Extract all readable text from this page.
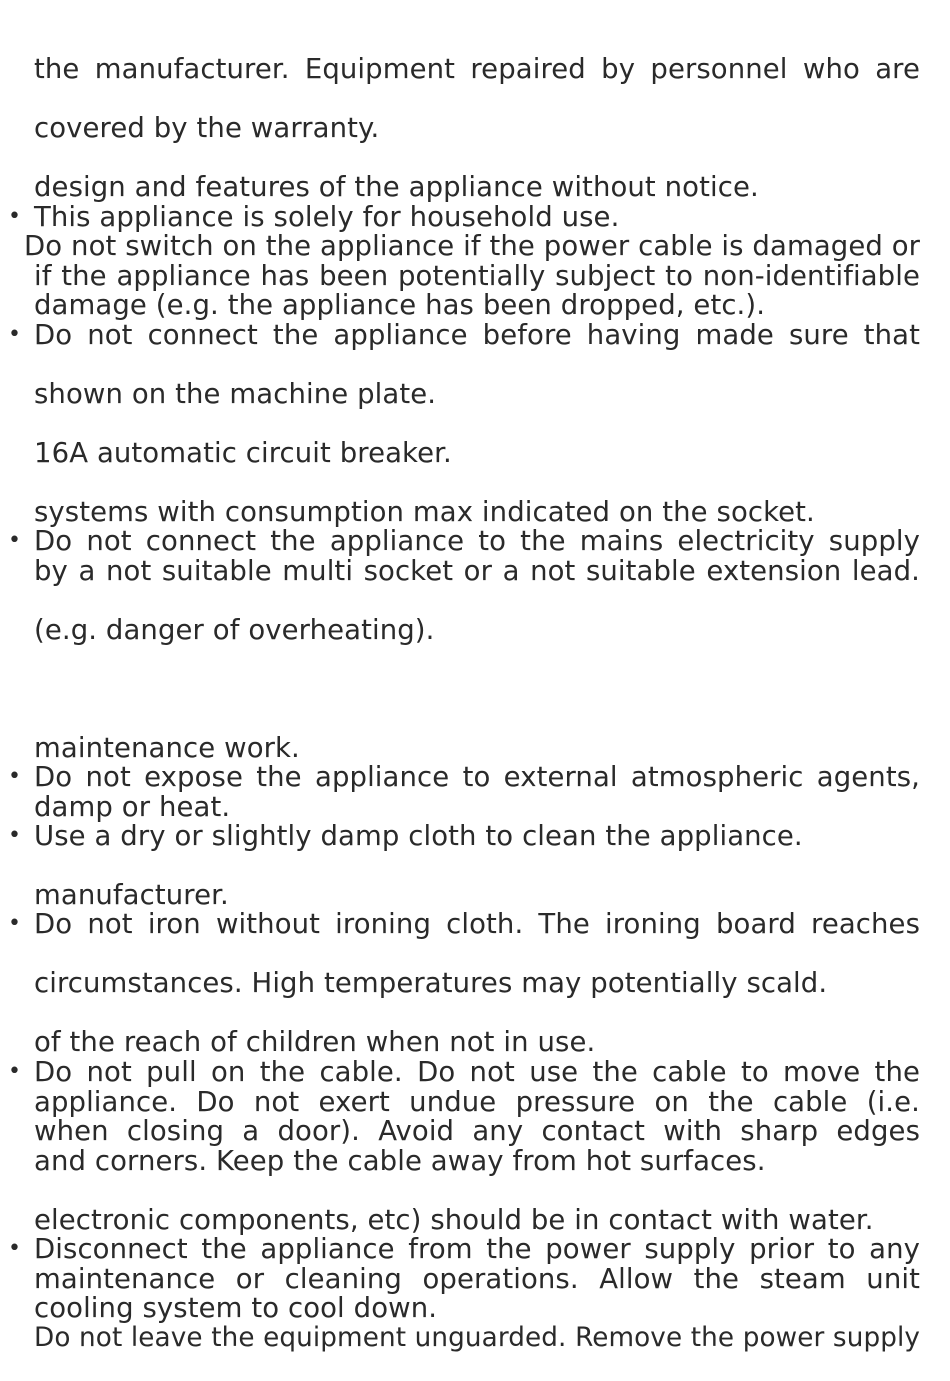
the manufacturer. Equipment repaired by personnel who are
covered by the warranty.
design and features of the appliance without notice.
• This appliance is solely for household use.
Do not switch on the appliance if the power cable is damaged or
if the appliance has been potentially subject to non-identifiable
damage (e.g. the appliance has been dropped, etc.).
• Do not connect the appliance before having made sure that
shown on the machine plate.
16A automatic circuit breaker.
systems with consumption max indicated on the socket.
• Do not connect the appliance to the mains electricity supply
by a not suitable multi socket or a not suitable extension lead.
(e.g. danger of overheating).
maintenance work.
• Do not expose the appliance to external atmospheric agents,
damp or heat.
• Use a dry or slightly damp cloth to clean the appliance.
manufacturer.
• Do not iron without ironing cloth. The ironing board reaches
circumstances. High temperatures may potentially scald.
of the reach of children when not in use.
• Do not pull on the cable. Do not use the cable to move the
appliance. Do not exert undue pressure on the cable (i.e.
when closing a door). Avoid any contact with sharp edges
and corners. Keep the cable away from hot surfaces.
electronic components, etc) should be in contact with water.
• Disconnect the appliance from the power supply prior to any
maintenance or cleaning operations. Allow the steam unit
cooling system to cool down.
Do not leave the equipment unguarded. Remove the power supply
